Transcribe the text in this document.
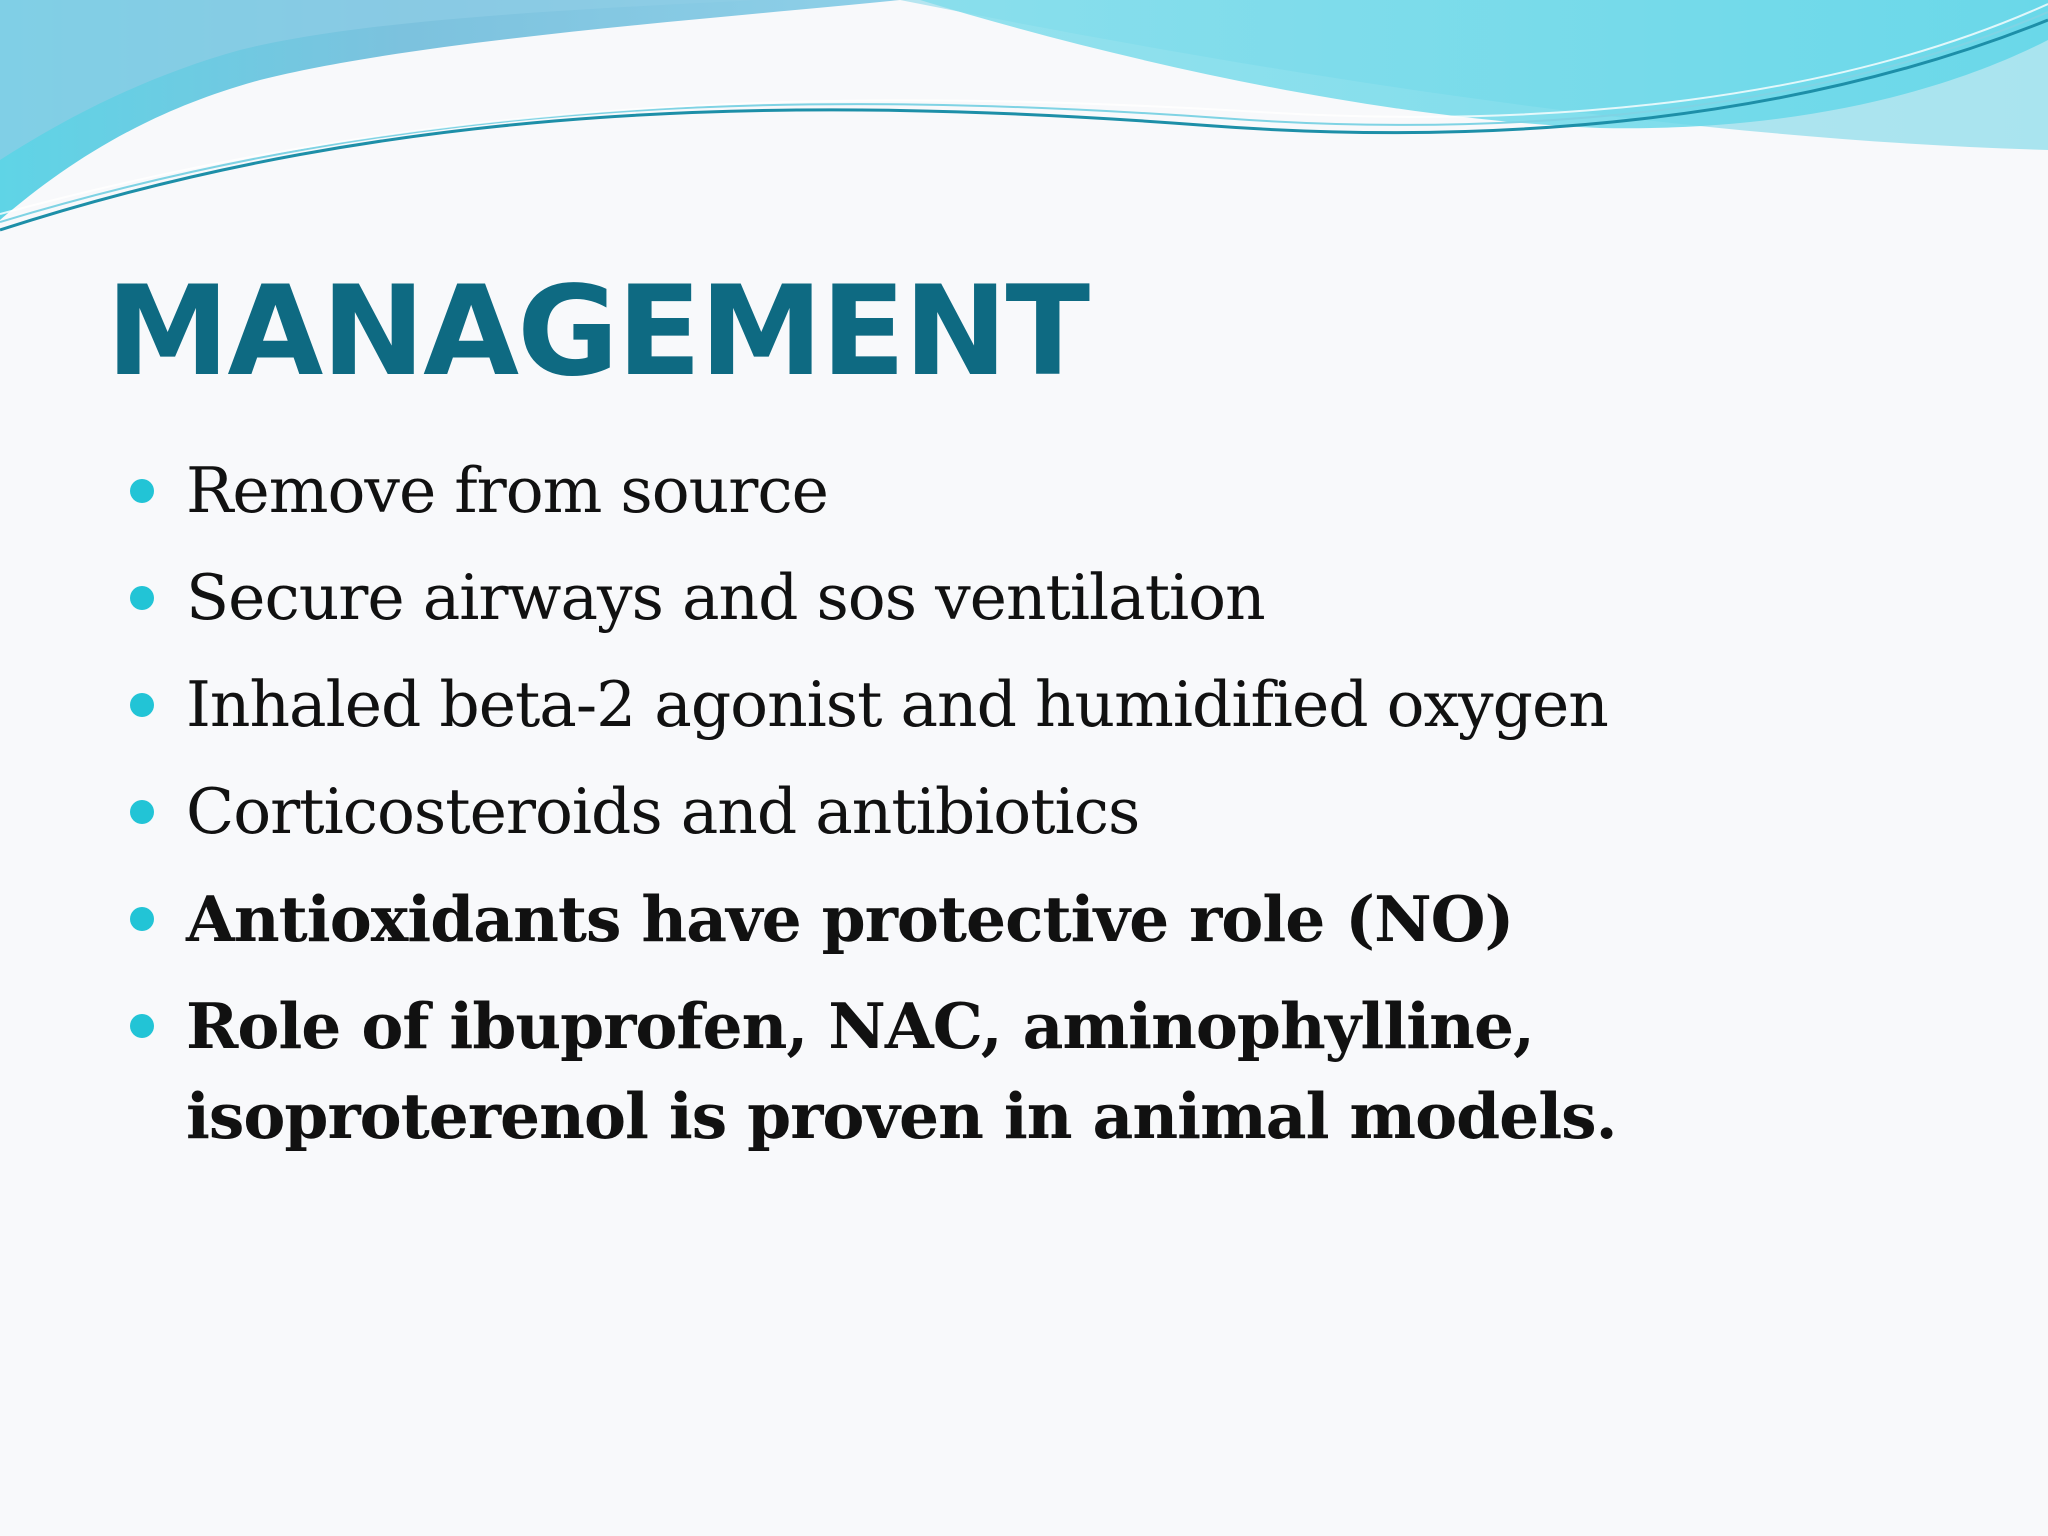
MANAGEMENT
Remove from source
Secure airways and sos ventilation
Inhaled beta-2 agonist and humidified oxygen
Corticosteroids and antibiotics
Antioxidants have protective role (NO)
Role of ibuprofen, NAC, aminophylline, isoproterenol is proven in animal models.
